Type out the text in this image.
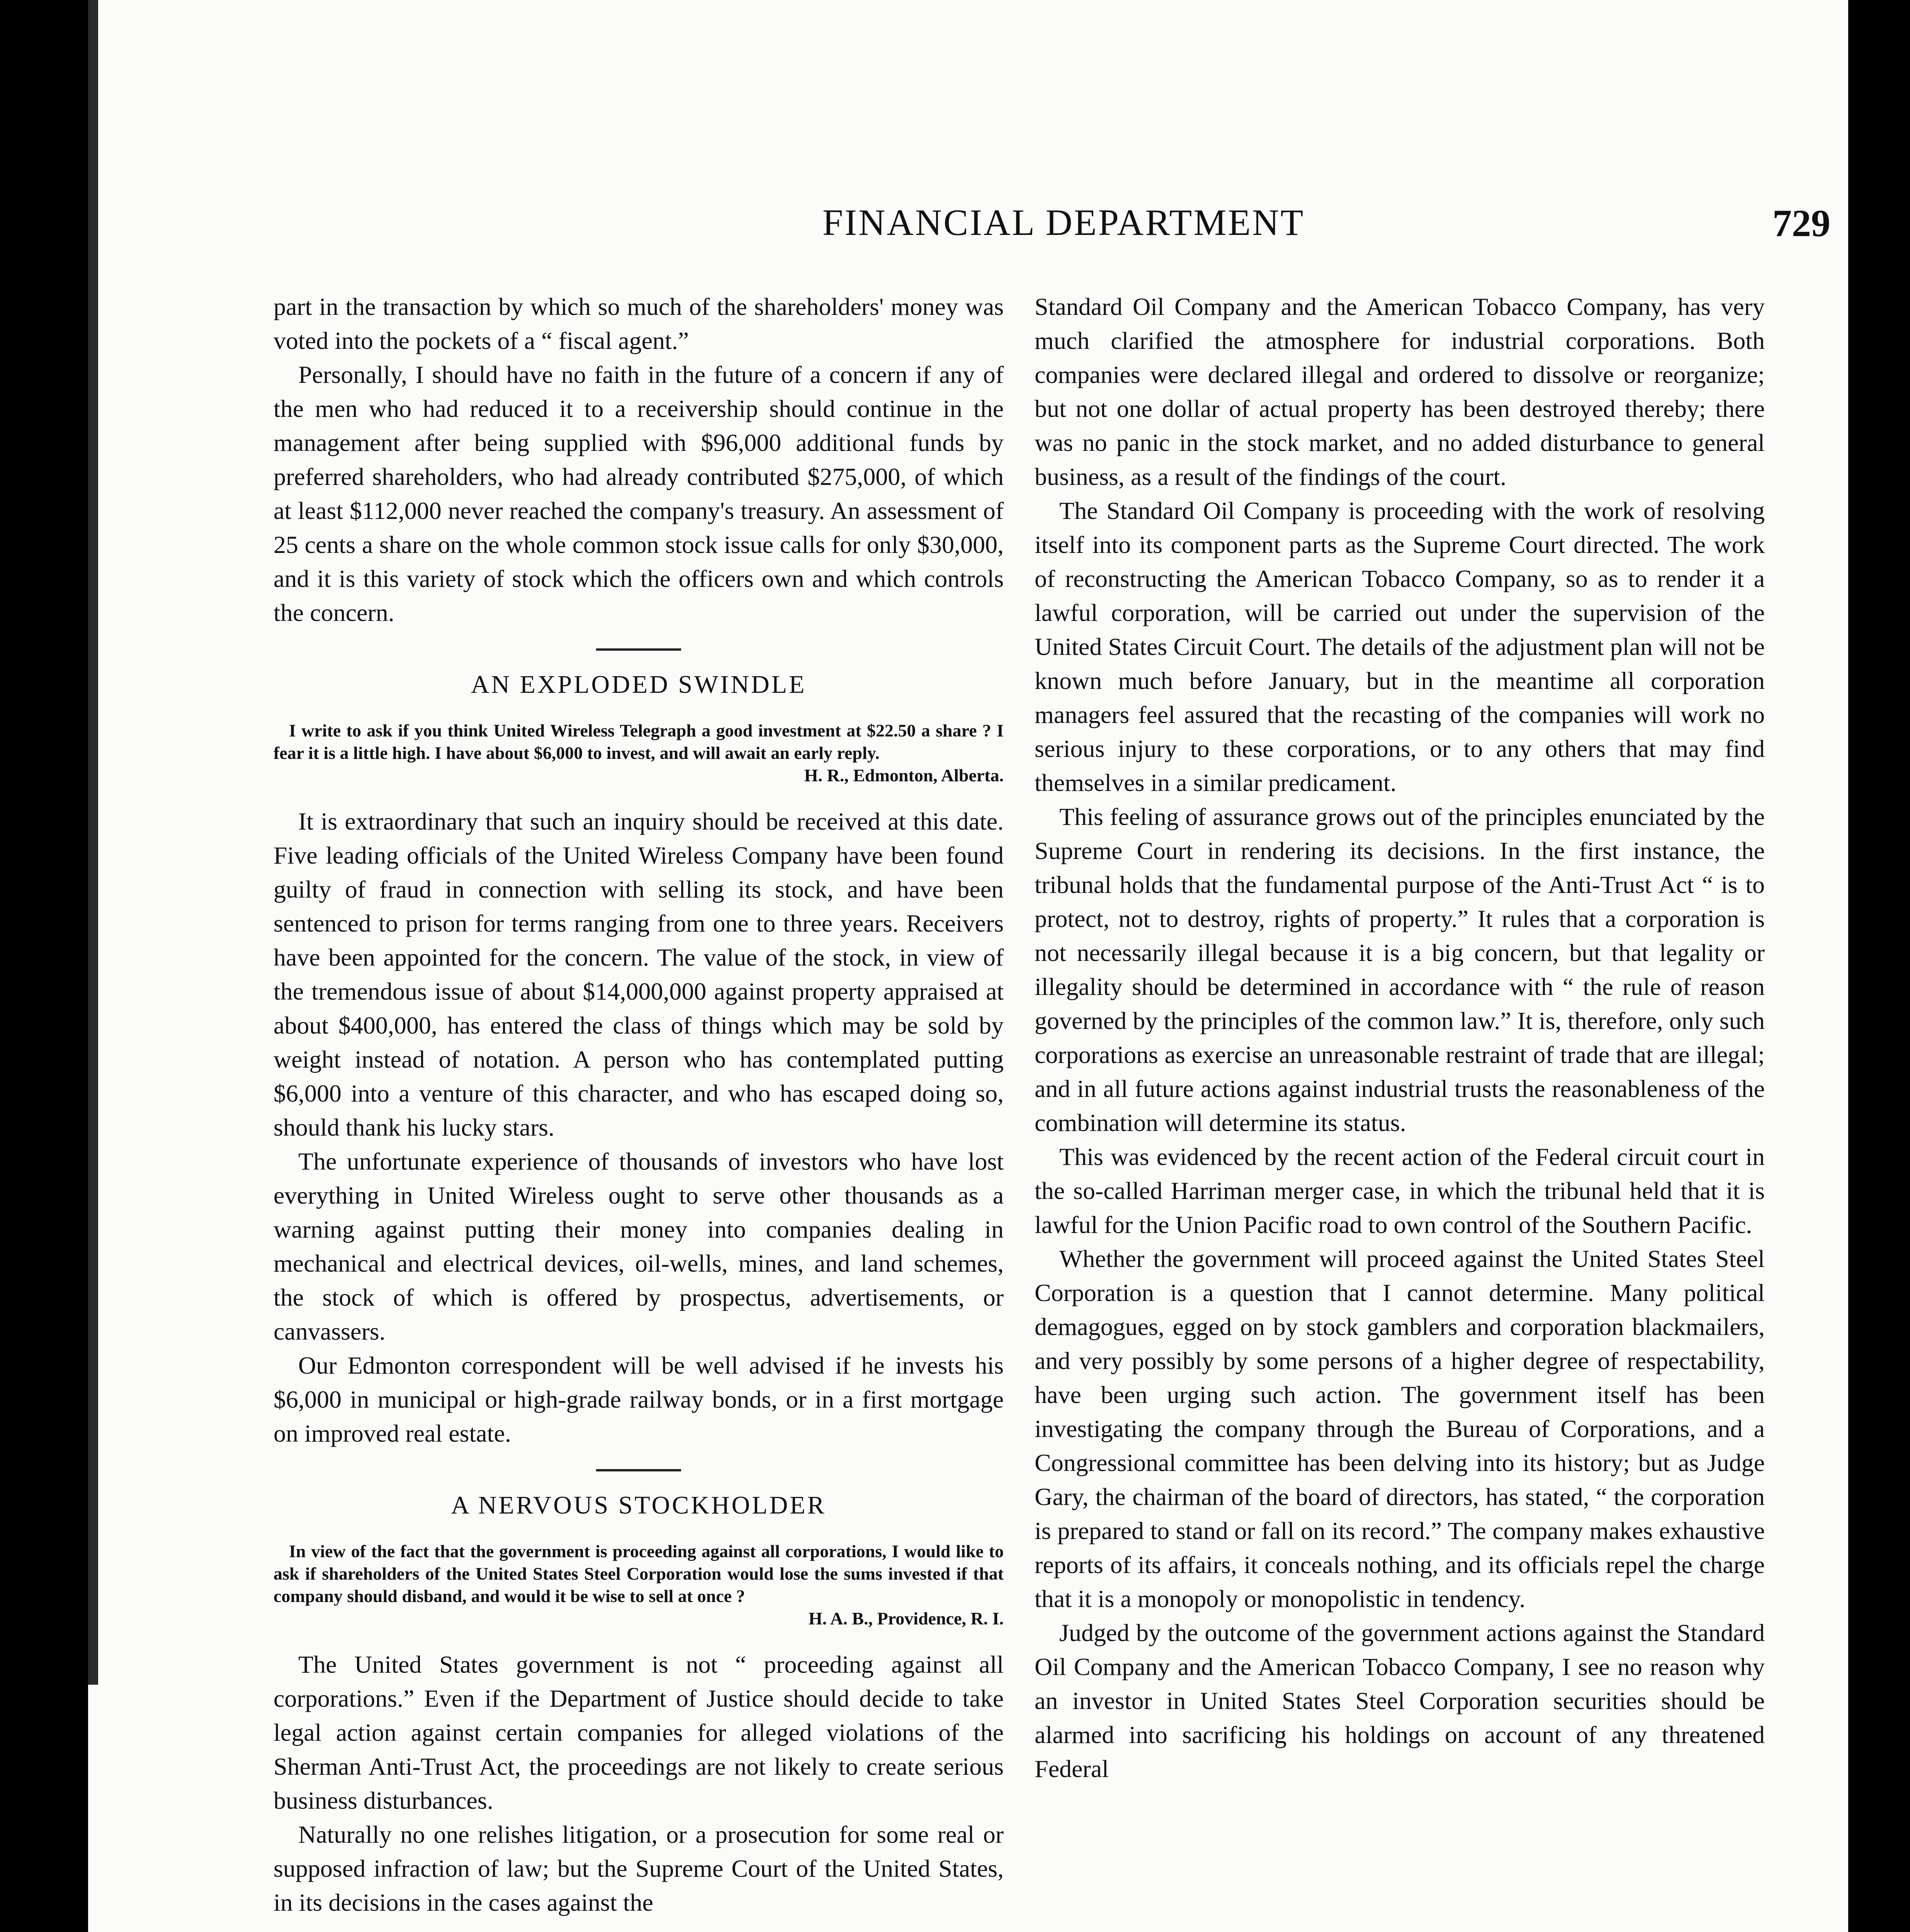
FINANCIAL DEPARTMENT	729

part in the transaction by which so much of the shareholders' money was voted into the pockets of a “ fiscal agent.”

Personally, I should have no faith in the future of a concern if any of the men who had reduced it to a receivership should continue in the management after being supplied with $96,000 additional funds by preferred shareholders, who had already contributed $275,000, of which at least $112,000 never reached the company's treasury. An assessment of 25 cents a share on the whole common stock issue calls for only $30,000, and it is this variety of stock which the officers own and which controls the concern.

AN EXPLODED SWINDLE
I write to ask if you think United Wireless Telegraph a good investment at $22.50 a share ? I fear it is a little high. I have about $6,000 to invest, and will await an early reply.
H. R., Edmonton, Alberta.

It is extraordinary that such an inquiry should be received at this date. Five leading officials of the United Wireless Company have been found guilty of fraud in connection with selling its stock, and have been sentenced to prison for terms ranging from one to three years. Receivers have been appointed for the concern. The value of the stock, in view of the tremendous issue of about $14,000,000 against property appraised at about $400,000, has entered the class of things which may be sold by weight instead of notation. A person who has contemplated putting $6,000 into a venture of this character, and who has escaped doing so, should thank his lucky stars.

The unfortunate experience of thousands of investors who have lost everything in United Wireless ought to serve other thousands as a warning against putting their money into companies dealing in mechanical and electrical devices, oil-wells, mines, and land schemes, the stock of which is offered by prospectus, advertisements, or canvassers.

Our Edmonton correspondent will be well advised if he invests his $6,000 in municipal or high-grade railway bonds, or in a first mortgage on improved real estate.

A NERVOUS STOCKHOLDER
In view of the fact that the government is proceeding against all corporations, I would like to ask if shareholders of the United States Steel Corporation would lose the sums invested if that company should disband, and would it be wise to sell at once ?
H. A. B., Providence, R. I.

The United States government is not “ proceeding against all corporations.” Even if the Department of Justice should decide to take legal action against certain companies for alleged violations of the Sherman Anti-Trust Act, the proceedings are not likely to create serious business disturbances.

Naturally no one relishes litigation, or a prosecution for some real or supposed infraction of law; but the Supreme Court of the United States, in its decisions in the cases against the

Standard Oil Company and the American Tobacco Company, has very much clarified the atmosphere for industrial corporations. Both companies were declared illegal and ordered to dissolve or reorganize; but not one dollar of actual property has been destroyed thereby; there was no panic in the stock market, and no added disturbance to general business, as a result of the findings of the court.

The Standard Oil Company is proceeding with the work of resolving itself into its component parts as the Supreme Court directed. The work of reconstructing the American Tobacco Company, so as to render it a lawful corporation, will be carried out under the supervision of the United States Circuit Court. The details of the adjustment plan will not be known much before January, but in the meantime all corporation managers feel assured that the recasting of the companies will work no serious injury to these corporations, or to any others that may find themselves in a similar predicament.

This feeling of assurance grows out of the principles enunciated by the Supreme Court in rendering its decisions. In the first instance, the tribunal holds that the fundamental purpose of the Anti-Trust Act “ is to protect, not to destroy, rights of property.” It rules that a corporation is not necessarily illegal because it is a big concern, but that legality or illegality should be determined in accordance with “ the rule of reason governed by the principles of the common law.” It is, therefore, only such corporations as exercise an unreasonable restraint of trade that are illegal; and in all future actions against industrial trusts the reasonableness of the combination will determine its status.

This was evidenced by the recent action of the Federal circuit court in the so-called Harriman merger case, in which the tribunal held that it is lawful for the Union Pacific road to own control of the Southern Pacific.

Whether the government will proceed against the United States Steel Corporation is a question that I cannot determine. Many political demagogues, egged on by stock gamblers and corporation blackmailers, and very possibly by some persons of a higher degree of respectability, have been urging such action. The government itself has been investigating the company through the Bureau of Corporations, and a Congressional committee has been delving into its history; but as Judge Gary, the chairman of the board of directors, has stated, “ the corporation is prepared to stand or fall on its record.” The company makes exhaustive reports of its affairs, it conceals nothing, and its officials repel the charge that it is a monopoly or monopolistic in tendency.

Judged by the outcome of the government actions against the Standard Oil Company and the American Tobacco Company, I see no reason why an investor in United States Steel Corporation securities should be alarmed into sacrificing his holdings on account of any threatened Federal
